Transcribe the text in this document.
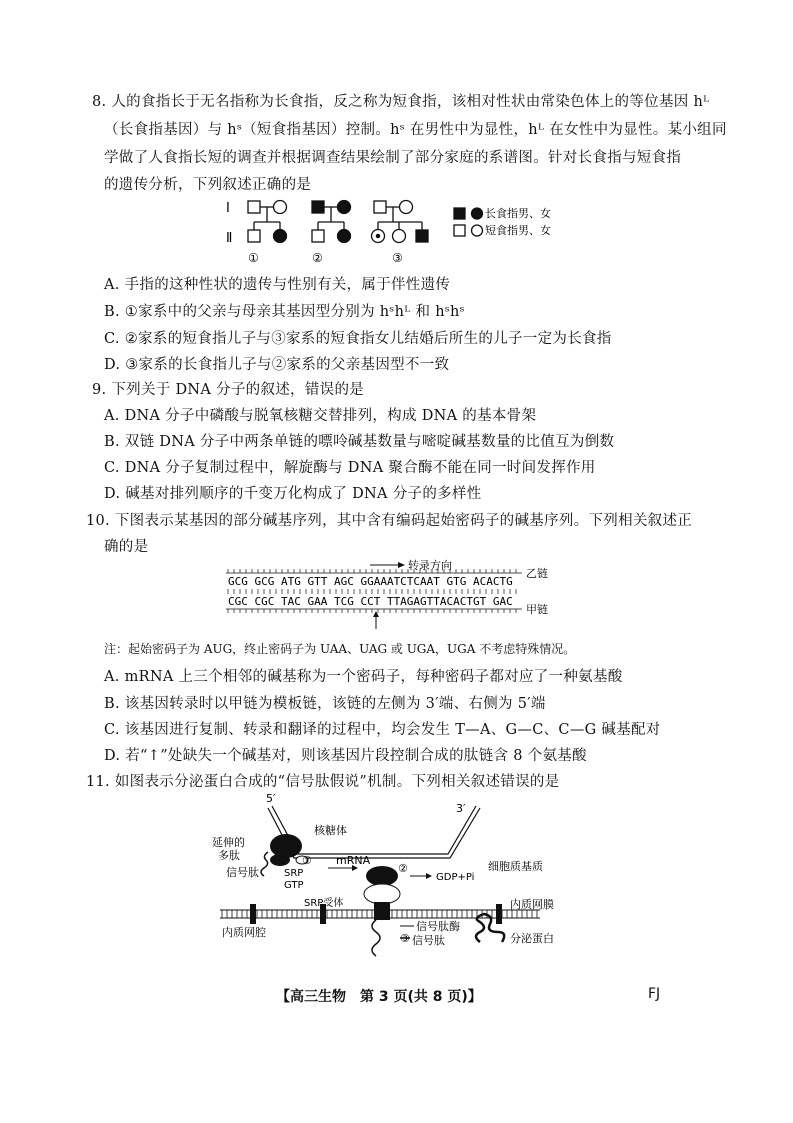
8. 人的食指长于无名指称为长食指，反之称为短食指，该相对性状由常染色体上的等位基因 hᴸ
（长食指基因）与 hˢ（短食指基因）控制。hˢ 在男性中为显性，hᴸ 在女性中为显性。某小组同
学做了人食指长短的调查并根据调查结果绘制了部分家庭的系谱图。针对长食指与短食指
的遗传分析，下列叙述正确的是
Ⅰ
Ⅱ
长食指男、女
短食指男、女
①	②	③
A. 手指的这种性状的遗传与性别有关，属于伴性遗传
B. ①家系中的父亲与母亲其基因型分别为 hˢhᴸ 和 hˢhˢ
C. ②家系的短食指儿子与③家系的短食指女儿结婚后所生的儿子一定为长食指
D. ③家系的长食指儿子与②家系的父亲基因型不一致
9. 下列关于 DNA 分子的叙述，错误的是
A. DNA 分子中磷酸与脱氧核糖交替排列，构成 DNA 的基本骨架
B. 双链 DNA 分子中两条单链的嘌呤碱基数量与嘧啶碱基数量的比值互为倒数
C. DNA 分子复制过程中，解旋酶与 DNA 聚合酶不能在同一时间发挥作用
D. 碱基对排列顺序的千变万化构成了 DNA 分子的多样性
10. 下图表示某基因的部分碱基序列，其中含有编码起始密码子的碱基序列。下列相关叙述正
确的是
转录方向
GCG GCG ATG GTT AGC GGAAATCTCAAT GTG ACACTG
CGC CGC TAC GAA TCG CCT TTAGAGTTACACTGT GAC
乙链
甲链
注：起始密码子为 AUG，终止密码子为 UAA、UAG 或 UGA，UGA 不考虑特殊情况。
A. mRNA 上三个相邻的碱基称为一个密码子，每种密码子都对应了一种氨基酸
B. 该基因转录时以甲链为模板链，该链的左侧为 3′端、右侧为 5′端
C. 该基因进行复制、转录和翻译的过程中，均会发生 T—A、G—C、C—G 碱基配对
D. 若“↑”处缺失一个碱基对，则该基因片段控制合成的肽链含 8 个氨基酸
11. 如图表示分泌蛋白合成的“信号肽假说”机制。下列相关叙述错误的是
5′
3′
核糖体
延伸的
多肽
信号肽	SRP
GTP
mRNA
GDP+Pi
细胞质基质
SRP受体	内质网膜
内质网腔	信号肽酶
信号肽	分泌蛋白
①
②
③
【高三生物　第 3 页(共 8 页)】	FJ
